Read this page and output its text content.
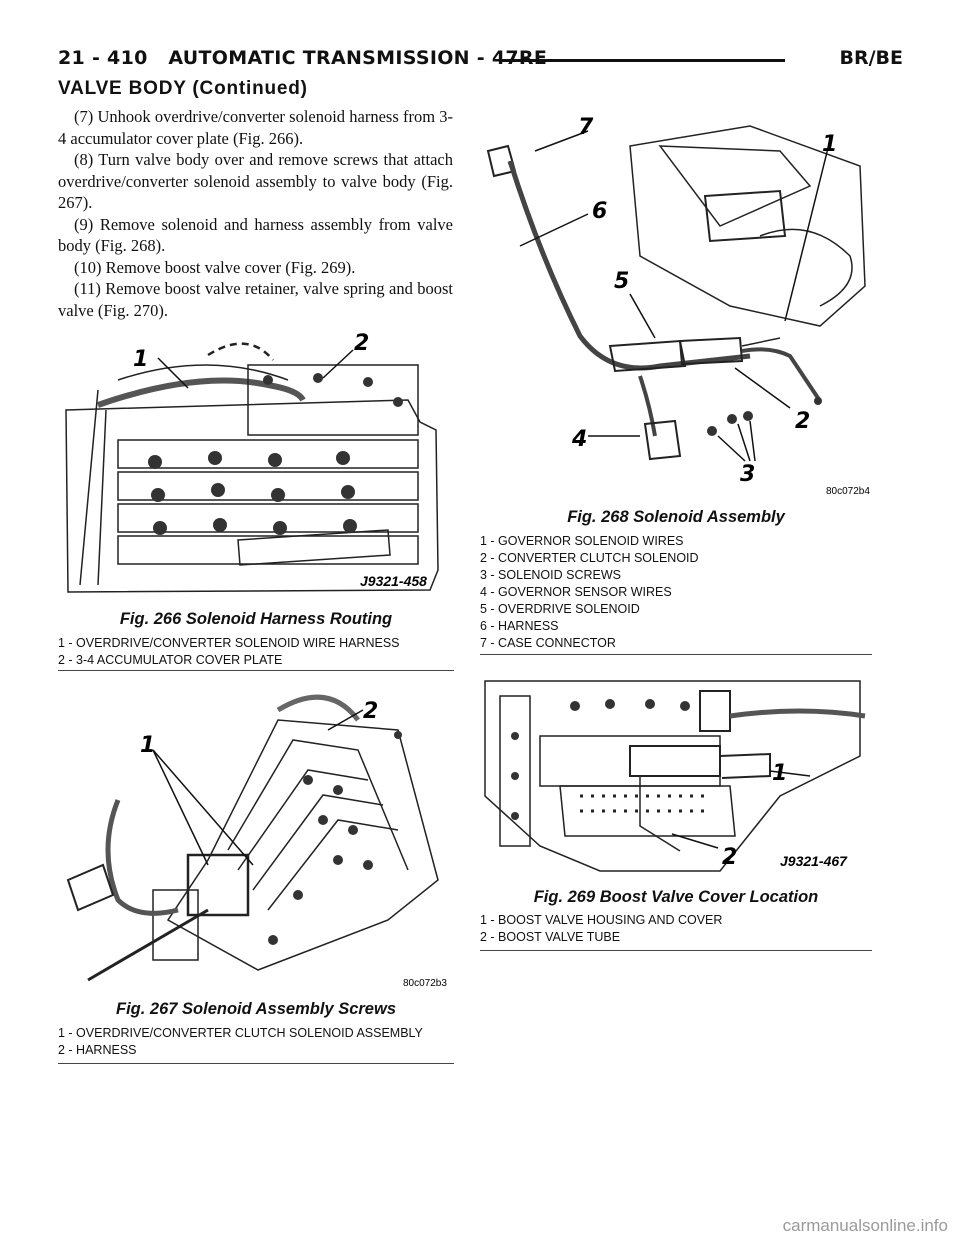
21 - 410 AUTOMATIC TRANSMISSION - 47RE	BR/BE
VALVE BODY (Continued)

(7) Unhook overdrive/converter solenoid harness from 3-4 accumulator cover plate (Fig. 266).

(8) Turn valve body over and remove screws that attach overdrive/converter solenoid assembly to valve body (Fig. 267).

(9) Remove solenoid and harness assembly from valve body (Fig. 268).

(10) Remove boost valve cover (Fig. 269).

(11) Remove boost valve retainer, valve spring and boost valve (Fig. 270).

1
2
J9321-458
Fig. 266 Solenoid Harness Routing
1 - OVERDRIVE/CONVERTER SOLENOID WIRE HARNESS
2 - 3-4 ACCUMULATOR COVER PLATE
1
2
80c072b3
Fig. 267 Solenoid Assembly Screws
1 - OVERDRIVE/CONVERTER CLUTCH SOLENOID ASSEMBLY
2 - HARNESS
7
1
6
5
2
4
3
80c072b4
Fig. 268 Solenoid Assembly
1 - GOVERNOR SOLENOID WIRES
2 - CONVERTER CLUTCH SOLENOID
3 - SOLENOID SCREWS
4 - GOVERNOR SENSOR WIRES
5 - OVERDRIVE SOLENOID
6 - HARNESS
7 - CASE CONNECTOR
1
2	J9321-467
Fig. 269 Boost Valve Cover Location
1 - BOOST VALVE HOUSING AND COVER
2 - BOOST VALVE TUBE
carmanualsonline.info
